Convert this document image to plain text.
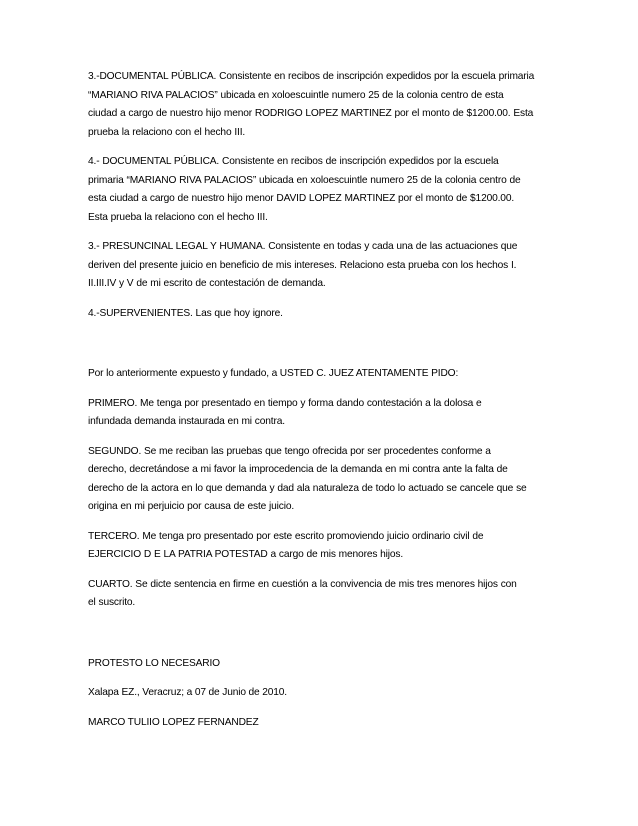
3.-DOCUMENTAL PÚBLICA. Consistente en recibos de inscripción expedidos por la escuela primaria
“MARIANO RIVA PALACIOS” ubicada en xoloescuintle numero 25 de la colonia centro de esta
ciudad a cargo de nuestro hijo menor RODRIGO LOPEZ MARTINEZ por el monto de $1200.00. Esta
prueba la relaciono con el hecho III.
4.- DOCUMENTAL PÚBLICA. Consistente en recibos de inscripción expedidos por la escuela
primaria “MARIANO RIVA PALACIOS” ubicada en xoloescuintle numero 25 de la colonia centro de
esta ciudad a cargo de nuestro hijo menor DAVID LOPEZ MARTINEZ por el monto de $1200.00.
Esta prueba la relaciono con el hecho III.
3.- PRESUNCINAL LEGAL Y HUMANA. Consistente en todas y cada una de las actuaciones que
deriven del presente juicio en beneficio de mis intereses. Relaciono esta prueba con los hechos I.
II.III.IV y V de mi escrito de contestación de demanda.
4.-SUPERVENIENTES. Las que hoy ignore.
Por lo anteriormente expuesto y fundado, a USTED C. JUEZ ATENTAMENTE PIDO:
PRIMERO. Me tenga por presentado en tiempo y forma dando contestación a la dolosa e
infundada demanda instaurada en mi contra.
SEGUNDO. Se me reciban las pruebas que tengo ofrecida por ser procedentes conforme a
derecho, decretándose a mi favor la improcedencia de la demanda en mi contra ante la falta de
derecho de la actora en lo que demanda y dad ala naturaleza de todo lo actuado se cancele que se
origina en mi perjuicio por causa de este juicio.
TERCERO. Me tenga pro presentado por este escrito promoviendo juicio ordinario civil de
EJERCICIO D E LA PATRIA POTESTAD a cargo de mis menores hijos.
CUARTO. Se dicte sentencia en firme en cuestión a la convivencia de mis tres menores hijos con
el suscrito.
PROTESTO LO NECESARIO
Xalapa EZ., Veracruz; a 07 de Junio de 2010.
MARCO TULIIO LOPEZ FERNANDEZ
